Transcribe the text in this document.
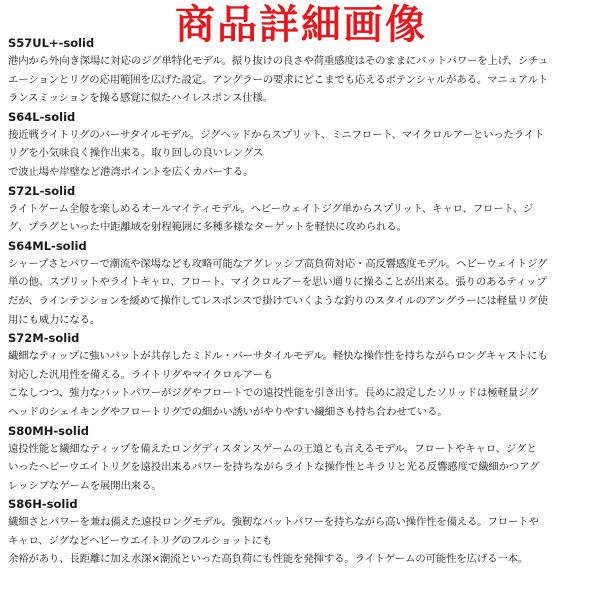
商品詳細画像
S57UL+-solid
港内から外向き深場に対応のジグ単特化モデル。振り抜けの良さや荷重感度はそのままにバットパワーを上げ、シチュ
エーションとリグの応用範囲を広げた設定。アングラーの要求にどこまでも応えるポテンシャルがある。マニュアルト
ランスミッションを操る感覚に似たハイレスポンス仕様。
S64L-solid
接近戦ライトリグのバーサタイルモデル。ジグヘッドからスプリット、ミニフロート、マイクロルアーといったライト
リグを小気味良く操作出来る。取り回しの良いレングス
で波止場や岸壁など港湾ポイントを広くカバーする。
S72L-solid
ライトゲーム全般を楽しめるオールマイティモデル。ヘビーウェイトジグ単からスプリット、キャロ、フロート、ジ
グ、プラグといった中距離域を射程範囲に多種多様なターゲットを軽快に攻められる。
S64ML-solid
シャープさとパワーで潮流や深場なども攻略可能なアグレッシブ高負荷対応・高反響感度モデル。ヘビーウェイトジグ
単の他、スプリットやライトキャロ、フロート、マイクロルアーを思い通りに操ることが出来る。張りのあるティップ
だが、ラインテンションを緩めて操作してレスポンスで掛けていくような釣りのスタイルのアングラーには軽量リグ使
用にも威力になる。
S72M-solid
繊細なティップに強いバットが共存したミドル・バーサタイルモデル。軽快な操作性を持ちながらロングキャストにも
対応した汎用性を備える。ライトリグやマイクロルアーも
こなしつつ、強力なバットパワーがジグやフロートでの遠投性能を引き出す。長めに設定したソリッドは極軽量ジグ
ヘッドのシェイキングやフロートリグでの細かい誘いがやりやすい繊細さも持ち合わせている。
S80MH-solid
遠投性能と繊細なティップを備えたロングディスタンスゲームの王道とも言えるモデル。フロートやキャロ、ジグと
いったヘビーウエイトリグを遠投出来るパワーを持ちながらライトな操作性とキラリと光る反響感度で繊細かつアグ
レッシブなゲームを展開出来る。
S86H-solid
繊細さとパワーを兼ね備えた遠投ロングモデル。強靭なバットパワーを持ちながら高い操作性を備える。フロートや
キャロ、ジグなどヘビーウエイトリグのフルショットにも
余裕があり、長距離に加え水深×潮流といった高負荷にも性能を発揮する。ライトゲームの可能性を広げる一本。
